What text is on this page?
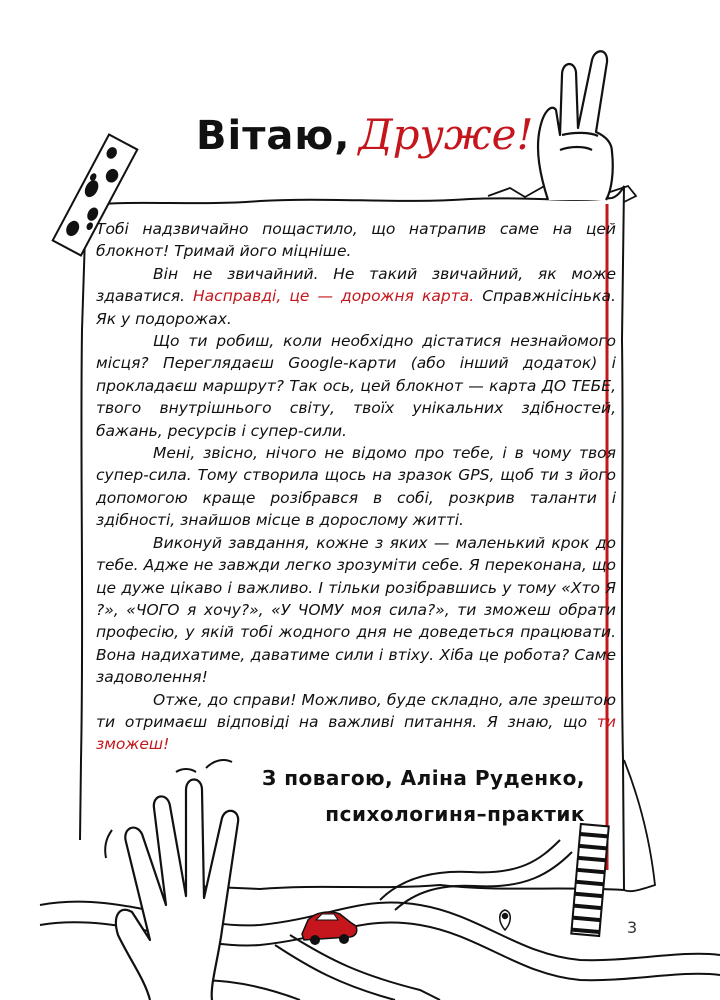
Вітаю, Друже!

Тобі надзвичайно пощастило, що натрапив саме на цей блокнот! Тримай його міцніше.

Він не звичайний. Не такий звичайний, як може здаватися. Насправді, це — дорожня карта. Справжнісінька. Як у подорожах.

Що ти робиш, коли необхідно дістатися незнайомого місця? Переглядаєш Google-карти (або інший додаток) і прокладаєш маршрут? Так ось, цей блокнот — карта ДО ТЕБЕ, твого внутрішнього світу, твоїх унікальних здібностей, бажань, ресурсів і супер-сили.

Мені, звісно, нічого не відомо про тебе, і в чому твоя супер-сила. Тому створила щось на зразок GPS, щоб ти з його допомогою краще розібрався в собі, розкрив таланти і здібності, знайшов місце в дорослому житті.

Виконуй завдання, кожне з яких — маленький крок до тебе. Адже не завжди легко зрозуміти себе. Я переконана, що це дуже цікаво і важливо. І тільки розібравшись у тому «Хто Я ?», «ЧОГО я хочу?», «У ЧОМУ моя сила?», ти зможеш обрати професію, у якій тобі жодного дня не доведеться працювати. Вона надихатиме, даватиме сили і втіху. Хіба це робота? Саме задоволення!

Отже, до справи! Можливо, буде складно, але зрештою ти отримаєш відповіді на важливі питання. Я знаю, що ти зможеш!

З повагою, Аліна Руденко,
психологиня–практик
3
